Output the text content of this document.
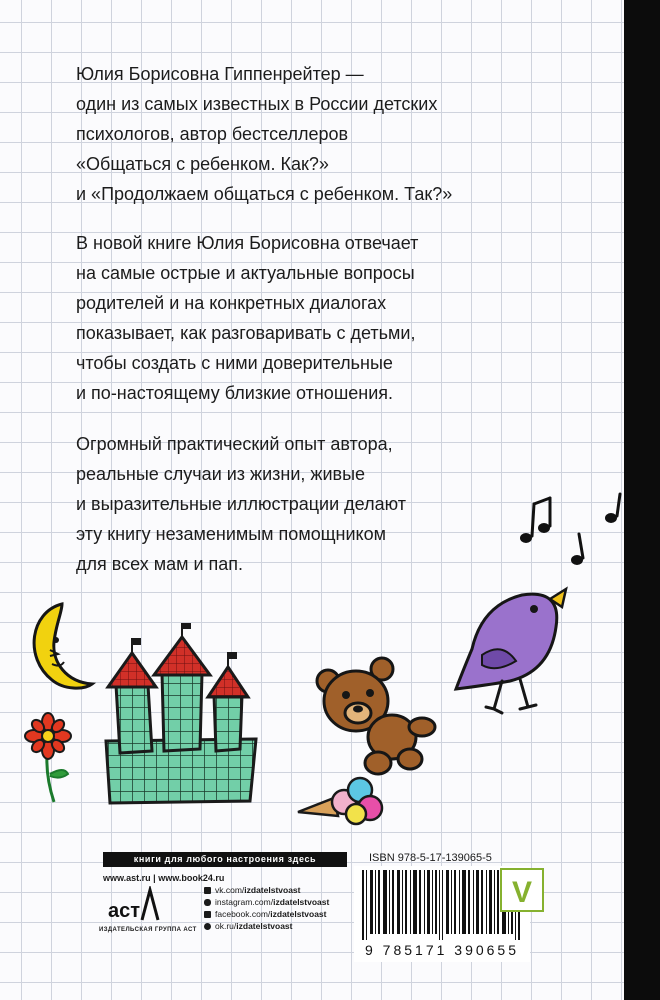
Юлия Борисовна Гиппенрейтер —
один из самых известных в России детских
психологов, автор бестселлеров
«Общаться с ребенком. Как?»
и «Продолжаем общаться с ребенком. Так?»

В новой книге Юлия Борисовна отвечает
на самые острые и актуальные вопросы
родителей и на конкретных диалогах
показывает, как разговаривать с детьми,
чтобы создать с ними доверительные
и по-настоящему близкие отношения.

Огромный практический опыт автора,
реальные случаи из жизни, живые
и выразительные иллюстрации делают
эту книгу незаменимым помощником
для всех мам и пап.

книги для любого настроения здесь
www.ast.ru | www.book24.ru
аст
ИЗДАТЕЛЬСКАЯ ГРУППА АСТ
vk.com/ izdatelstvoast
instagram.com/ izdatelstvoast
facebook.com/ izdatelstvoast
ok.ru/ izdatelstvoast
ISBN 978-5-17-139065-5
9 785171 390655
V
